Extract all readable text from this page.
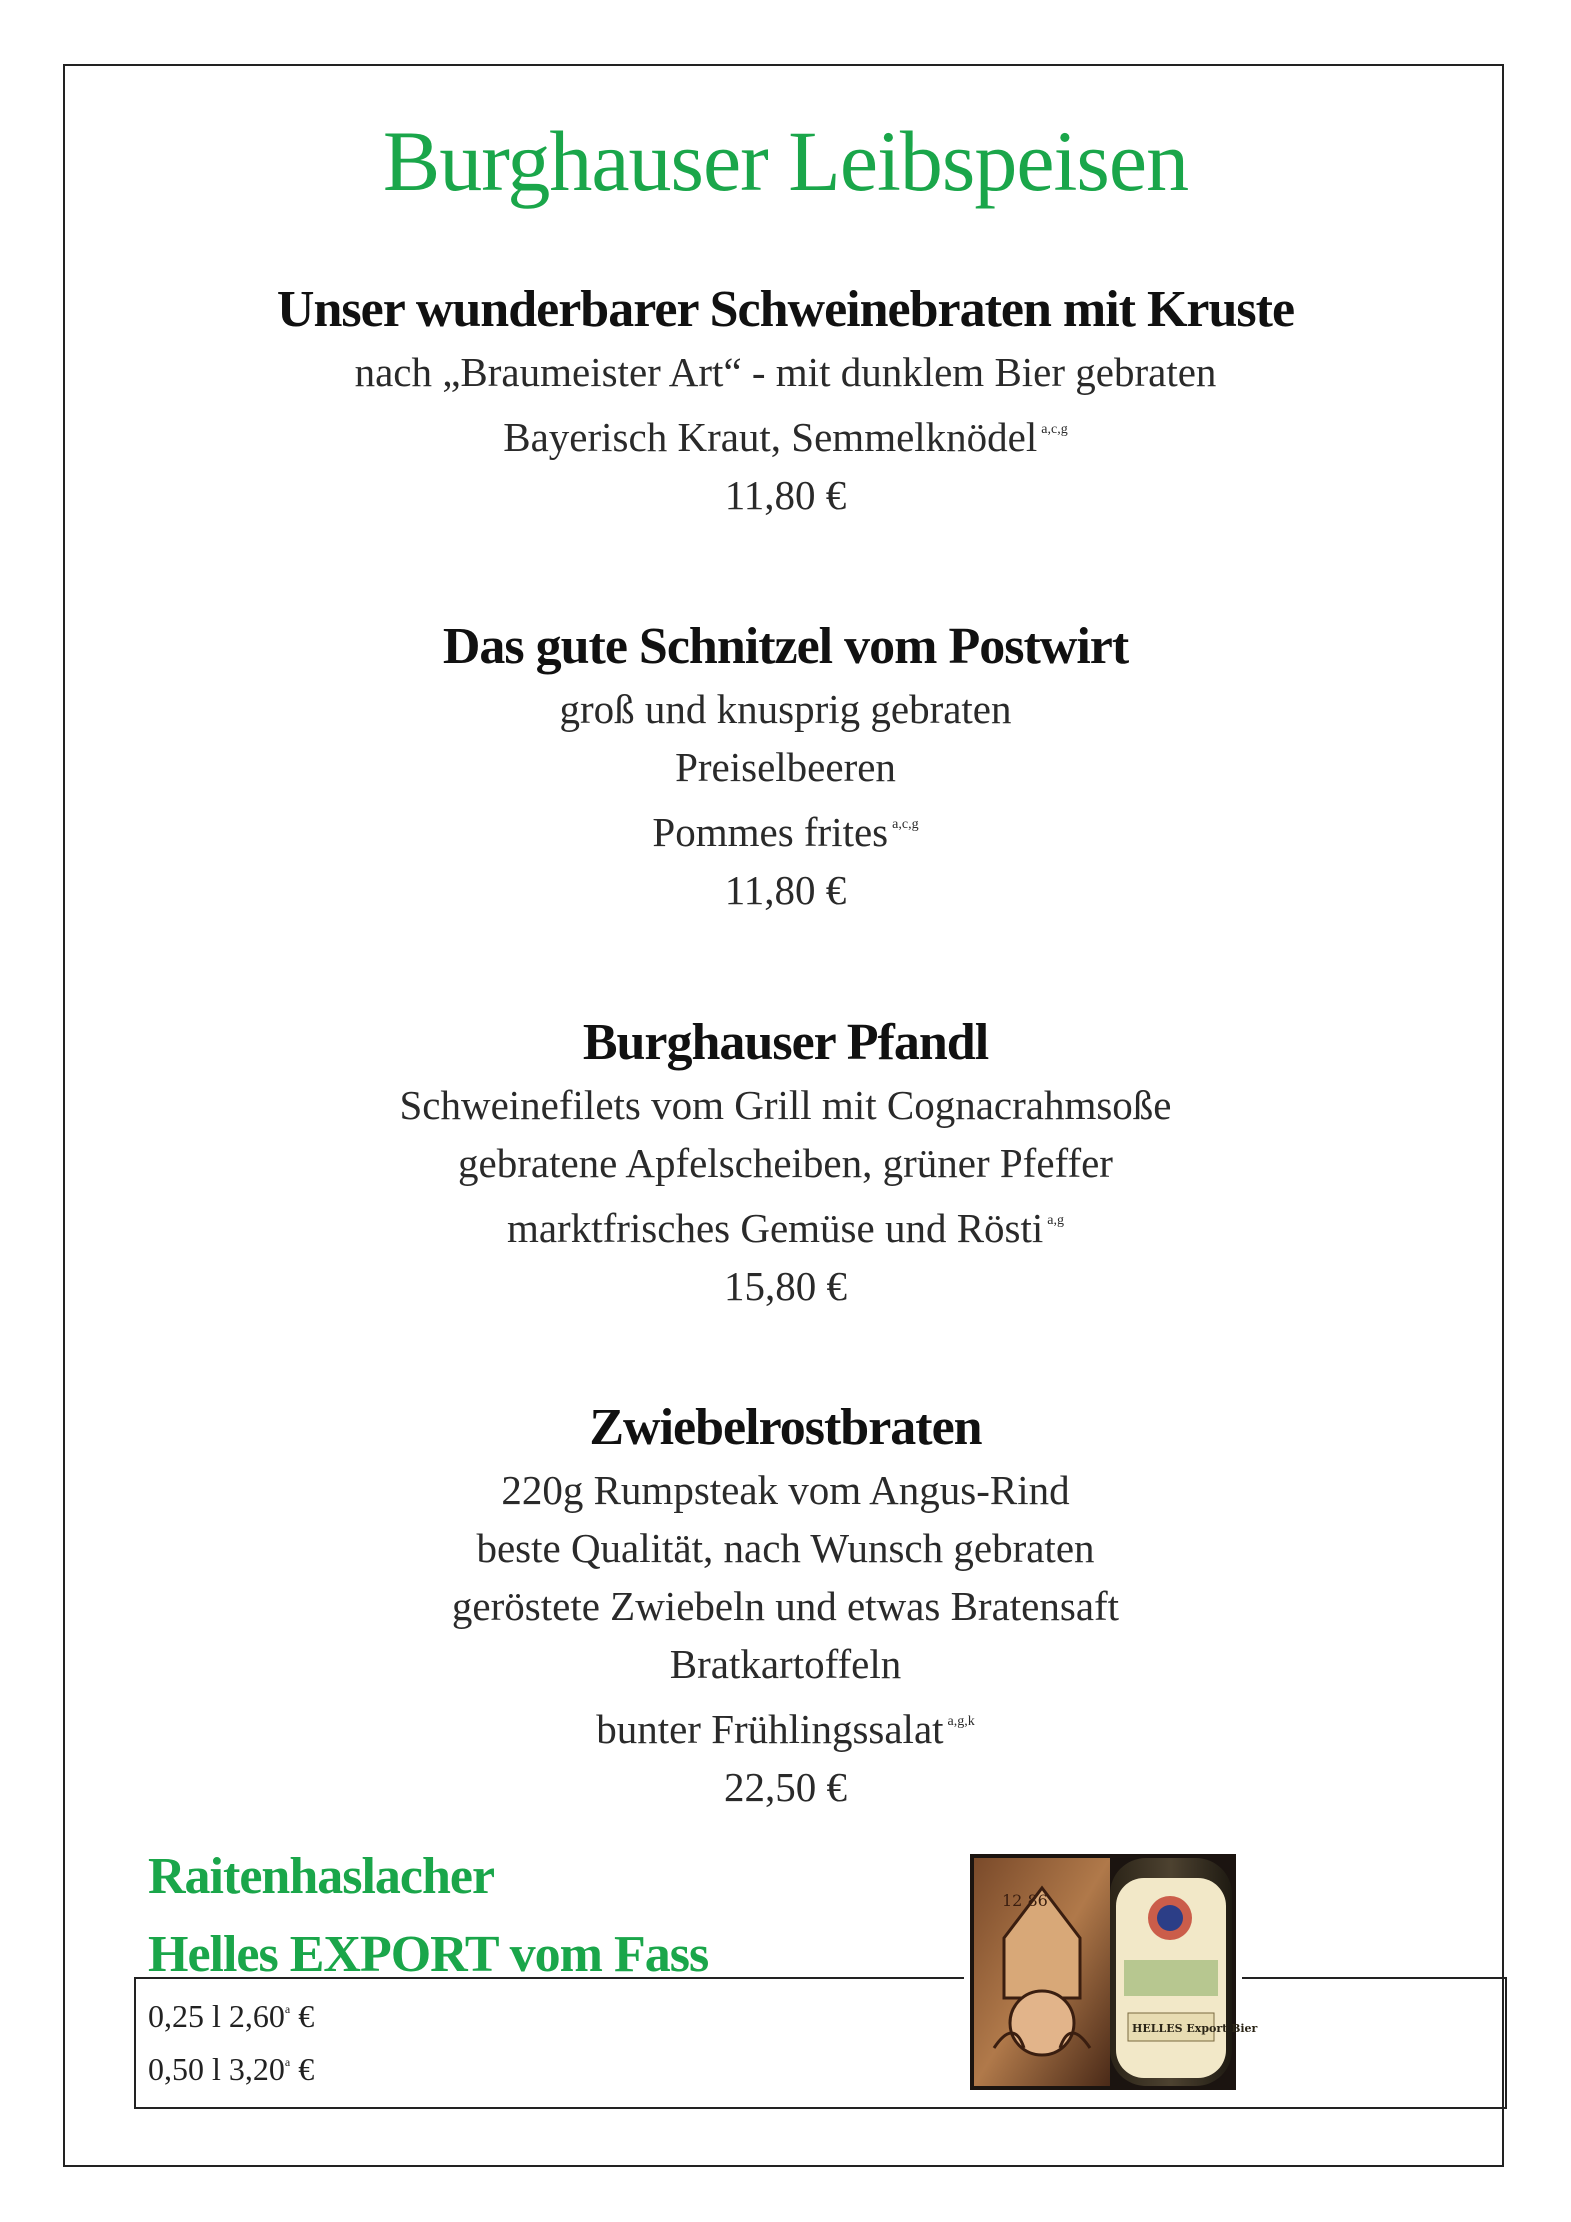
Burghauser Leibspeisen
Unser wunderbarer Schweinebraten mit Kruste
nach „Braumeister Art“ - mit dunklem Bier gebraten
Bayerisch Kraut, Semmelknödel $^{a,c,g}$
11,80 €
Das gute Schnitzel vom Postwirt
groß und knusprig gebraten
Preiselbeeren
Pommes frites $^{a,c,g}$
11,80 €
Burghauser Pfandl
Schweinefilets vom Grill mit Cognacrahmsoße
gebratene Apfelscheiben, grüner Pfeffer
marktfrisches Gemüse und Rösti $^{a,g}$
15,80 €
Zwiebelrostbraten
220g Rumpsteak vom Angus-Rind
beste Qualität, nach Wunsch gebraten
geröstete Zwiebeln und etwas Bratensaft
Bratkartoffeln
bunter Frühlingssalat $^{a,g,k}$
22,50 €
Raitenhaslacher
Helles EXPORT vom Fass
0,25 l 2,60$^a$ €
0,50 l 3,20$^a$ €
12 86
HELLES Export Bier
